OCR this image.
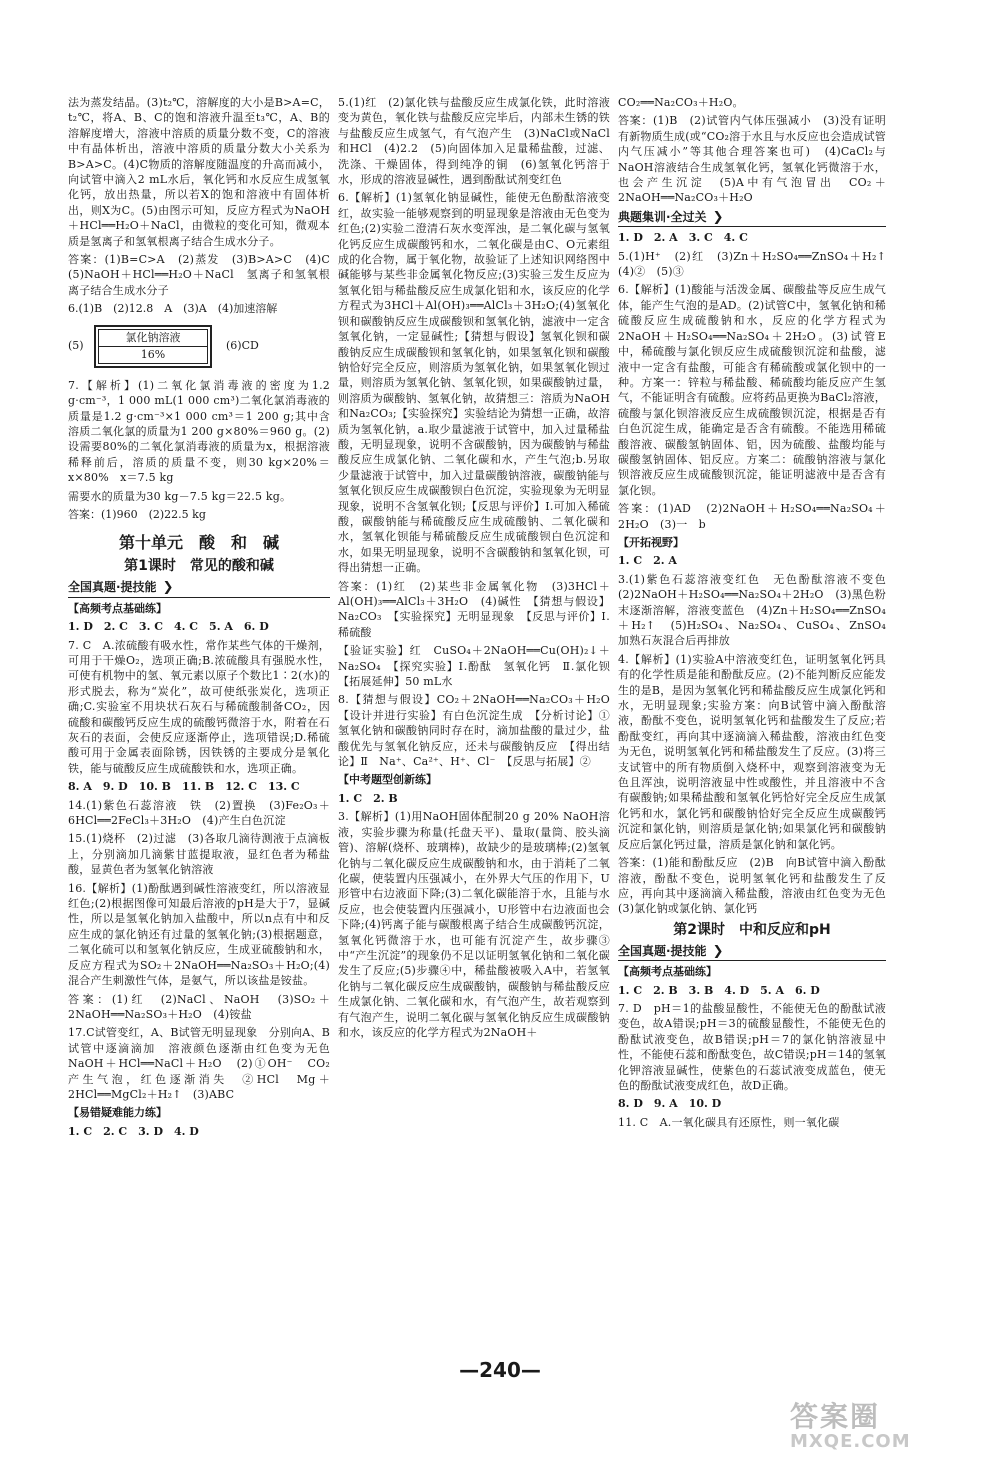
法为蒸发结晶。(3)t₂℃，溶解度的大小是B>A=C，t₂℃，将A、B、C的饱和溶液升温至t₃℃，A、B的溶解度增大，溶液中溶质的质量分数不变，C的溶液中有晶体析出，溶液中溶质的质量分数大小关系为B>A>C。(4)C物质的溶解度随温度的升高而减小，向试管中滴入2 mL水后，氧化钙和水反应生成氢氧化钙，放出热量，所以若X的饱和溶液中有固体析出，则X为C。(5)由图示可知，反应方程式为NaOH＋HCl══H₂O＋NaCl，由微粒的变化可知，微观本质是氢离子和氢氧根离子结合生成水分子。

答案：(1)B=C>A　(2)蒸发　(3)B>A>C　(4)C　(5)NaOH＋HCl══H₂O＋NaCl　氢离子和氢氧根离子结合生成水分子

6.(1)B　(2)12.8　A　(3)A　(4)加速溶解

(5)
氯化钠溶液
16%
(6)CD

7.【解析】(1)二氧化氯消毒液的密度为1.2 g·cm⁻³，1 000 mL(1 000 cm³)二氧化氯消毒液的质量是1.2 g·cm⁻³×1 000 cm³＝1 200 g;其中含溶质二氧化氯的质量为1 200 g×80%＝960 g。(2)设需要80%的二氧化氯消毒液的质量为x，根据溶液稀释前后，溶质的质量不变，则30 kg×20%＝x×80%　x＝7.5 kg

需要水的质量为30 kg－7.5 kg＝22.5 kg。

答案：(1)960　(2)22.5 kg

第十单元　酸　和　碱
第1课时　常见的酸和碱
全国真题·提技能 ❯
【高频考点基础练】

1. D　2. C　3. C　4. C　5. A　6. D

7. C　A.浓硫酸有吸水性，常作某些气体的干燥剂，可用于干燥O₂，选项正确;B.浓硫酸具有强脱水性，可使有机物中的氢、氧元素以原子个数比1∶2(水)的形式脱去，称为“炭化”，故可使纸张炭化，选项正确;C.实验室不用块状石灰石与稀硫酸制备CO₂，因硫酸和碳酸钙反应生成的硫酸钙微溶于水，附着在石灰石的表面，会使反应逐渐停止，选项错误;D.稀硫酸可用于金属表面除锈，因铁锈的主要成分是氧化铁，能与硫酸反应生成硫酸铁和水，选项正确。

8. A　9. D　10. B　11. B　12. C　13. C

14.(1)紫色石蕊溶液　铁　(2)置换　(3)Fe₂O₃＋6HCl══2FeCl₃＋3H₂O　(4)产生白色沉淀

15.(1)烧杯　(2)过滤　(3)各取几滴待测液于点滴板上，分别滴加几滴紫甘蓝提取液，显红色者为稀盐酸，显黄色者为氢氧化钠溶液

16.【解析】(1)酚酞遇到碱性溶液变红，所以溶液显红色;(2)根据图像可知最后溶液的pH是大于7，显碱性，所以是氢氧化钠加入盐酸中，所以n点有中和反应生成的氯化钠还有过量的氢氧化钠;(3)根据题意，二氧化硫可以和氢氧化钠反应，生成亚硫酸钠和水，反应方程式为SO₂＋2NaOH══Na₂SO₃＋H₂O;(4)混合产生刺激性气体，是氨气，所以该盐是铵盐。

答案：(1)红　(2)NaCl、NaOH　(3)SO₂＋2NaOH══Na₂SO₃＋H₂O　(4)铵盐

17.C试管变红，A、B试管无明显现象　分别向A、B试管中逐滴滴加　溶液颜色逐渐由红色变为无色　NaOH＋HCl══NaCl＋H₂O　(2)①OH⁻　CO₂　产生气泡，红色逐渐消失　②HCl　Mg＋2HCl══MgCl₂＋H₂↑　(3)ABC

【易错疑难能力练】

1. C　2. C　3. D　4. D

5.(1)红　(2)氯化铁与盐酸反应生成氯化铁，此时溶液变为黄色，氧化铁与盐酸反应完毕后，内部未生锈的铁与盐酸反应生成氢气，有气泡产生　(3)NaCl或NaCl和HCl　(4)2.2　(5)向固体加入足量稀盐酸，过滤、洗涤、干燥固体，得到纯净的铜　(6)氢氧化钙溶于水，形成的溶液显碱性，遇到酚酞试剂变红色

6.【解析】(1)氢氧化钠显碱性，能使无色酚酞溶液变红，故实验一能够观察到的明显现象是溶液由无色变为红色;(2)实验二澄清石灰水变浑浊，是二氧化碳与氢氧化钙反应生成碳酸钙和水，二氧化碳是由C、O元素组成的化合物，属于氧化物，故验证了上述知识网络图中碱能够与某些非金属氧化物反应;(3)实验三发生反应为氢氧化铝与稀盐酸反应生成氯化铝和水，该反应的化学方程式为3HCl＋Al(OH)₃══AlCl₃＋3H₂O;(4)氢氧化钡和碳酸钠反应生成碳酸钡和氢氧化钠，滤液中一定含氢氧化钠，一定显碱性;【猜想与假设】氢氧化钡和碳酸钠反应生成碳酸钡和氢氧化钠，如果氢氧化钡和碳酸钠恰好完全反应，则溶质为氢氧化钠，如果氢氧化钡过量，则溶质为氢氧化钠、氢氧化钡，如果碳酸钠过量，则溶质为碳酸钠、氢氧化钠，故猜想三：溶质为NaOH和Na₂CO₃;【实验探究】实验结论为猜想一正确，故溶质为氢氧化钠，a.取少量滤液于试管中，加入过量稀盐酸，无明显现象，说明不含碳酸钠，因为碳酸钠与稀盐酸反应生成氯化钠、二氧化碳和水，产生气泡;b.另取少量滤液于试管中，加入过量碳酸钠溶液，碳酸钠能与氢氧化钡反应生成碳酸钡白色沉淀，实验现象为无明显现象，说明不含氢氧化钡;【反思与评价】Ⅰ.可加入稀硫酸，碳酸钠能与稀硫酸反应生成硫酸钠、二氧化碳和水，氢氧化钡能与稀硫酸反应生成硫酸钡白色沉淀和水，如果无明显现象，说明不含碳酸钠和氢氧化钡，可得出猜想一正确。

答案：(1)红　(2)某些非金属氧化物　(3)3HCl＋Al(OH)₃══AlCl₃＋3H₂O　(4)碱性　【猜想与假设】Na₂CO₃　【实验探究】无明显现象　【反思与评价】Ⅰ.稀硫酸

【验证实验】红　CuSO₄＋2NaOH══Cu(OH)₂↓＋Na₂SO₄　【探究实验】Ⅰ.酚酞　氢氧化钙　Ⅱ.氯化钡　【拓展延伸】50 mL水

8.【猜想与假设】CO₂＋2NaOH══Na₂CO₃＋H₂O　【设计并进行实验】有白色沉淀生成　【分析讨论】①氢氧化钠和碳酸钠同时存在时，滴加盐酸的量过少，盐酸优先与氢氧化钠反应，还未与碳酸钠反应　【得出结论】Ⅱ　Na⁺、Ca²⁺、H⁺、Cl⁻　【反思与拓展】②

【中考题型创新练】

1. C　2. B

3.【解析】(1)用NaOH固体配制20 g 20% NaOH溶液，实验步骤为称量(托盘天平)、量取(量筒、胶头滴管)、溶解(烧杯、玻璃棒)，故缺少的是玻璃棒;(2)氢氧化钠与二氧化碳反应生成碳酸钠和水，由于消耗了二氧化碳，使装置内压强减小，在外界大气压的作用下，U形管中右边液面下降;(3)二氧化碳能溶于水，且能与水反应，也会使装置内压强减小，U形管中右边液面也会下降;(4)钙离子能与碳酸根离子结合生成碳酸钙沉淀，氢氧化钙微溶于水，也可能有沉淀产生，故步骤③中“产生沉淀”的现象仍不足以证明氢氧化钠和二氧化碳发生了反应;(5)步骤④中，稀盐酸被吸入A中，若氢氧化钠与二氧化碳反应生成碳酸钠，碳酸钠与稀盐酸反应生成氯化钠、二氧化碳和水，有气泡产生，故若观察到有气泡产生，说明二氧化碳与氢氧化钠反应生成碳酸钠和水，该反应的化学方程式为2NaOH＋

CO₂══Na₂CO₃＋H₂O。

答案：(1)B　(2)试管内气体压强减小　(3)没有证明有新物质生成(或“CO₂溶于水且与水反应也会造成试管内气压减小”等其他合理答案也可)　(4)CaCl₂与NaOH溶液结合生成氢氧化钙，氢氧化钙微溶于水，也会产生沉淀　(5)A中有气泡冒出　CO₂＋2NaOH══Na₂CO₃＋H₂O

典题集训·全过关 ❯

1. D　2. A　3. C　4. C

5.(1)H⁺　(2)红　(3)Zn＋H₂SO₄══ZnSO₄＋H₂↑　(4)②　(5)③

6.【解析】(1)酸能与活泼金属、碳酸盐等反应生成气体，能产生气泡的是AD。(2)试管C中，氢氧化钠和稀硫酸反应生成硫酸钠和水，反应的化学方程式为2NaOH＋H₂SO₄══Na₂SO₄＋2H₂O。(3)试管E中，稀硫酸与氯化钡反应生成硫酸钡沉淀和盐酸，滤液中一定含有盐酸，可能含有稀硫酸或氯化钡中的一种。方案一：锌粒与稀盐酸、稀硫酸均能反应产生氢气，不能证明含有硫酸。应将药品更换为BaCl₂溶液，硫酸与氯化钡溶液反应生成硫酸钡沉淀，根据是否有白色沉淀生成，能确定是否含有硫酸。不能选用稀硫酸溶液、碳酸氢钠固体、铝，因为硫酸、盐酸均能与碳酸氢钠固体、铝反应。方案二：硫酸钠溶液与氯化钡溶液反应生成硫酸钡沉淀，能证明滤液中是否含有氯化钡。

答案：(1)AD　(2)2NaOH＋H₂SO₄══Na₂SO₄＋2H₂O　(3)一　b

【开拓视野】

1. C　2. A

3.(1)紫色石蕊溶液变红色　无色酚酞溶液不变色　(2)2NaOH＋H₂SO₄══Na₂SO₄＋2H₂O　(3)黑色粉末逐渐溶解，溶液变蓝色　(4)Zn＋H₂SO₄══ZnSO₄＋H₂↑　(5)H₂SO₄、Na₂SO₄、CuSO₄、ZnSO₄　加熟石灰混合后再排放

4.【解析】(1)实验A中溶液变红色，证明氢氧化钙具有的化学性质是能和酚酞反应。(2)不能判断反应能发生的是B，是因为氢氧化钙和稀盐酸反应生成氯化钙和水，无明显现象;实验方案：向B试管中滴入酚酞溶液，酚酞不变色，说明氢氧化钙和盐酸发生了反应;若酚酞变红，再向其中逐滴滴入稀盐酸，溶液由红色变为无色，说明氢氧化钙和稀盐酸发生了反应。(3)将三支试管中的所有物质倒入烧杯中，观察到溶液变为无色且浑浊，说明溶液显中性或酸性，并且溶液中不含有碳酸钠;如果稀盐酸和氢氧化钙恰好完全反应生成氯化钙和水，氯化钙和碳酸钠恰好完全反应生成碳酸钙沉淀和氯化钠，则溶质是氯化钠;如果氯化钙和碳酸钠反应后氯化钙过量，溶质是氯化钠和氯化钙。

答案：(1)能和酚酞反应　(2)B　向B试管中滴入酚酞溶液，酚酞不变色，说明氢氧化钙和盐酸发生了反应，再向其中逐滴滴入稀盐酸，溶液由红色变为无色　(3)氯化钠或氯化钠、氯化钙

第2课时　中和反应和pH
全国真题·提技能 ❯
【高频考点基础练】

1. C　2. B　3. B　4. D　5. A　6. D

7. D　pH＝1的盐酸显酸性，不能使无色的酚酞试液变色，故A错误;pH＝3的硫酸显酸性，不能使无色的酚酞试液变色，故B错误;pH＝7的氯化钠溶液显中性，不能使石蕊和酚酞变色，故C错误;pH＝14的氢氧化钾溶液显碱性，使紫色的石蕊试液变成蓝色，使无色的酚酞试液变成红色，故D正确。

8. D　9. A　10. D

11. C　A.一氧化碳具有还原性，则一氧化碳

—240—
答案圈
MXQE.COM
